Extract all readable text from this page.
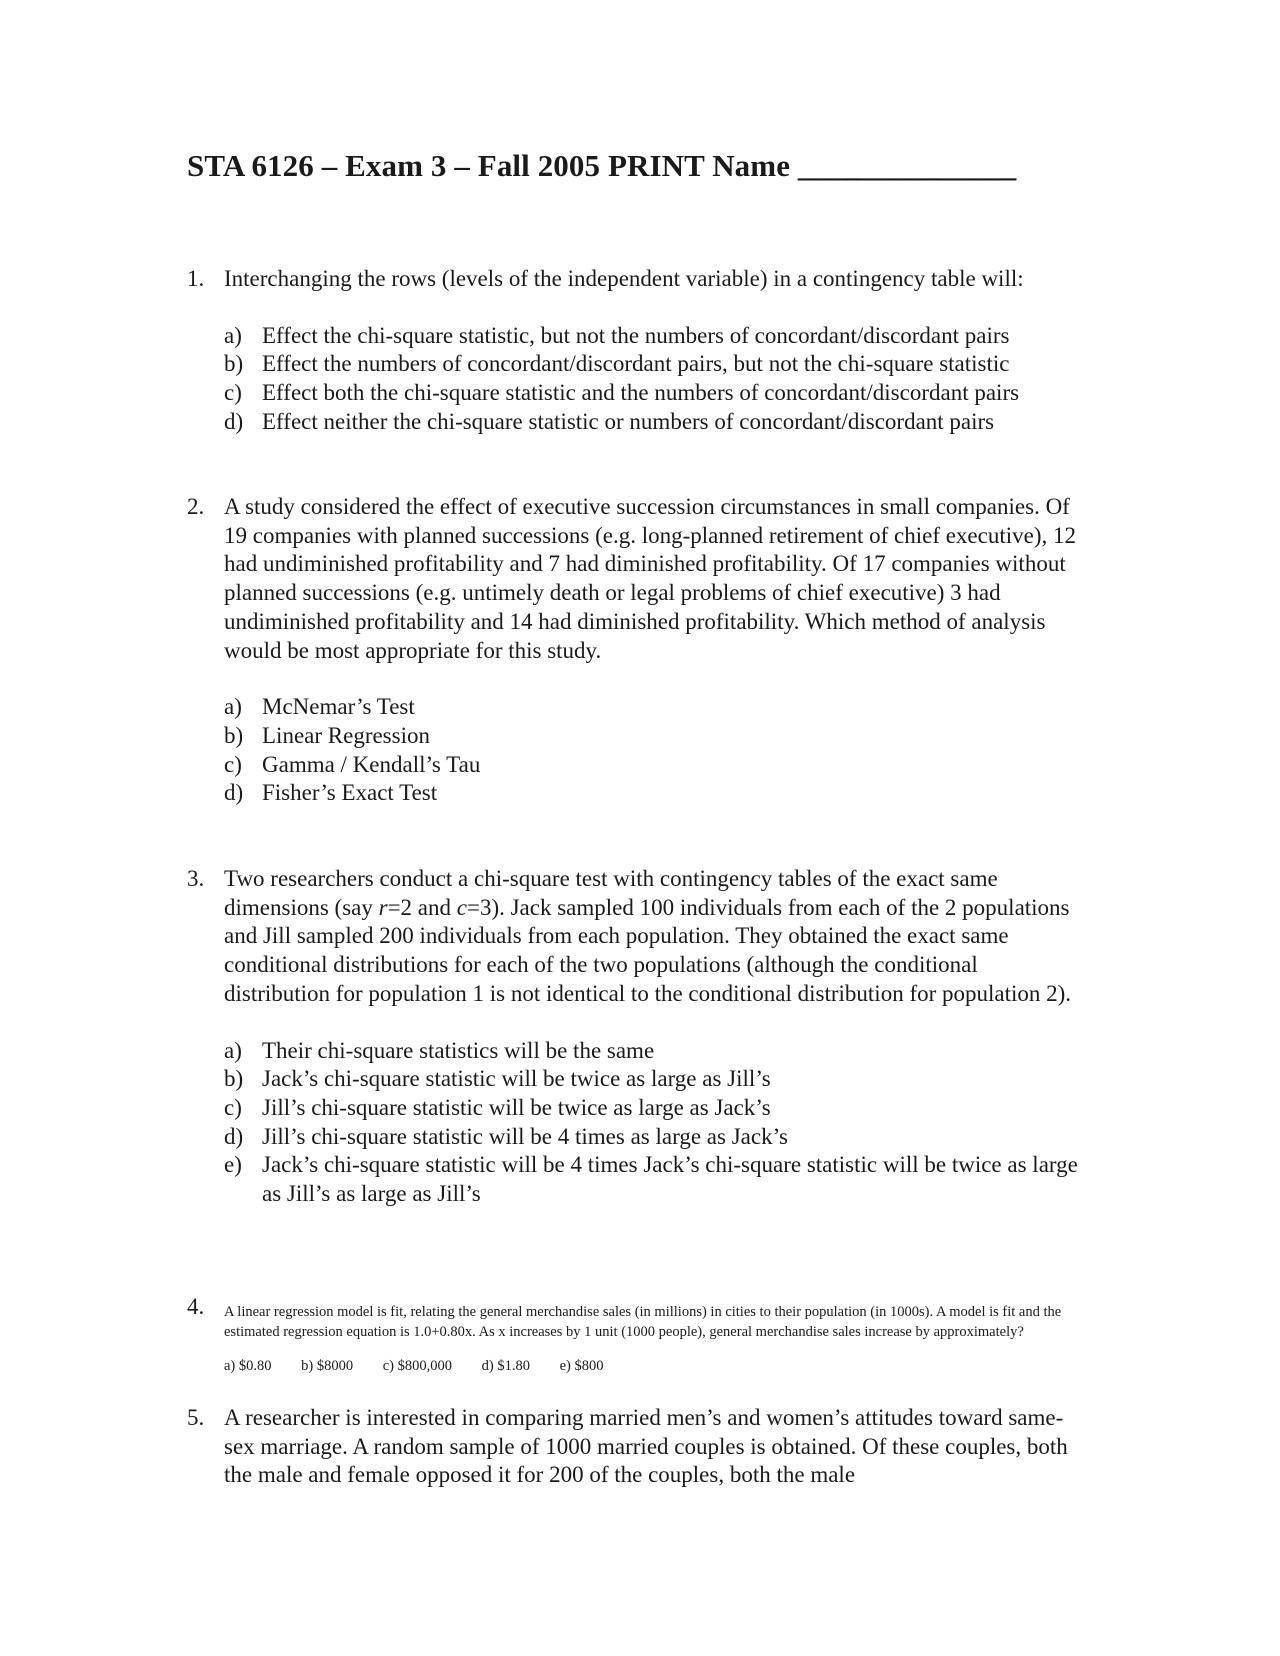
STA 6126 – Exam 3 – Fall 2005 PRINT Name ______________
1. Interchanging the rows (levels of the independent variable) in a contingency table will:
a) Effect the chi-square statistic, but not the numbers of concordant/discordant pairs
b) Effect the numbers of concordant/discordant pairs, but not the chi-square statistic
c) Effect both the chi-square statistic and the numbers of concordant/discordant pairs
d) Effect neither the chi-square statistic or numbers of concordant/discordant pairs
2. A study considered the effect of executive succession circumstances in small companies. Of 19 companies with planned successions (e.g. long-planned retirement of chief executive), 12 had undiminished profitability and 7 had diminished profitability. Of 17 companies without planned successions (e.g. untimely death or legal problems of chief executive) 3 had undiminished profitability and 14 had diminished profitability. Which method of analysis would be most appropriate for this study.
a) McNemar’s Test
b) Linear Regression
c) Gamma / Kendall’s Tau
d) Fisher’s Exact Test
3. Two researchers conduct a chi-square test with contingency tables of the exact same dimensions (say r=2 and c=3). Jack sampled 100 individuals from each of the 2 populations and Jill sampled 200 individuals from each population. They obtained the exact same conditional distributions for each of the two populations (although the conditional distribution for population 1 is not identical to the conditional distribution for population 2).
a) Their chi-square statistics will be the same
b) Jack’s chi-square statistic will be twice as large as Jill’s
c) Jill’s chi-square statistic will be twice as large as Jack’s
d) Jill’s chi-square statistic will be 4 times as large as Jack’s
e) Jack’s chi-square statistic will be 4 times Jack’s chi-square statistic will be twice as large as Jill’s as large as Jill’s
4. A linear regression model is fit, relating the general merchandise sales (in millions) in cities to their population (in 1000s). A model is fit and the estimated regression equation is 1.0+0.80x. As x increases by 1 unit (1000 people), general merchandise sales increase by approximately?
a) $0.80 b) $8000 c) $800,000 d) $1.80 e) $800
5. A researcher is interested in comparing married men’s and women’s attitudes toward same-sex marriage. A random sample of 1000 married couples is obtained. Of these couples, both the male and female opposed it for 200 of the couples, both the male
